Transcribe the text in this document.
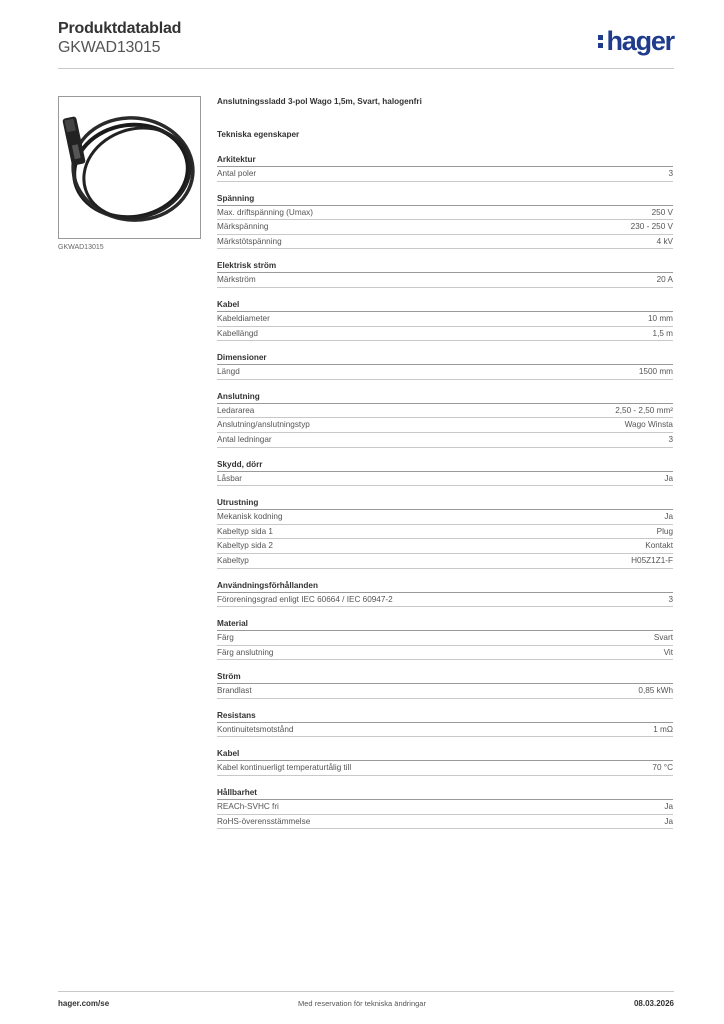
Produktdatablad
GKWAD13015	hager
GKWAD13015
Anslutningssladd 3-pol Wago 1,5m, Svart, halogenfri
Tekniska egenskaper
Arkitektur
Antal poler	3
Spänning
Max. driftspänning (Umax)	250 V
Märkspänning	230 - 250 V
Märkstötspänning	4 kV
Elektrisk ström
Märkström	20 A
Kabel
Kabeldiameter	10 mm
Kabellängd	1,5 m
Dimensioner
Längd	1500 mm
Anslutning
Ledararea	2,50 - 2,50 mm²
Anslutning/anslutningstyp	Wago Winsta
Antal ledningar	3
Skydd, dörr
Låsbar	Ja
Utrustning
Mekanisk kodning	Ja
Kabeltyp sida 1	Plug
Kabeltyp sida 2	Kontakt
Kabeltyp	H05Z1Z1-F
Användningsförhållanden
Föroreningsgrad enligt IEC 60664 / IEC 60947-2	3
Material
Färg	Svart
Färg anslutning	Vit
Ström
Brandlast	0,85 kWh
Resistans
Kontinuitetsmotstånd	1 mΩ
Kabel
Kabel kontinuerligt temperaturtålig till	70 °C
Hållbarhet
REACh-SVHC fri	Ja
RoHS-överensstämmelse	Ja
hager.com/se	Med reservation för tekniska ändringar	08.03.2026
